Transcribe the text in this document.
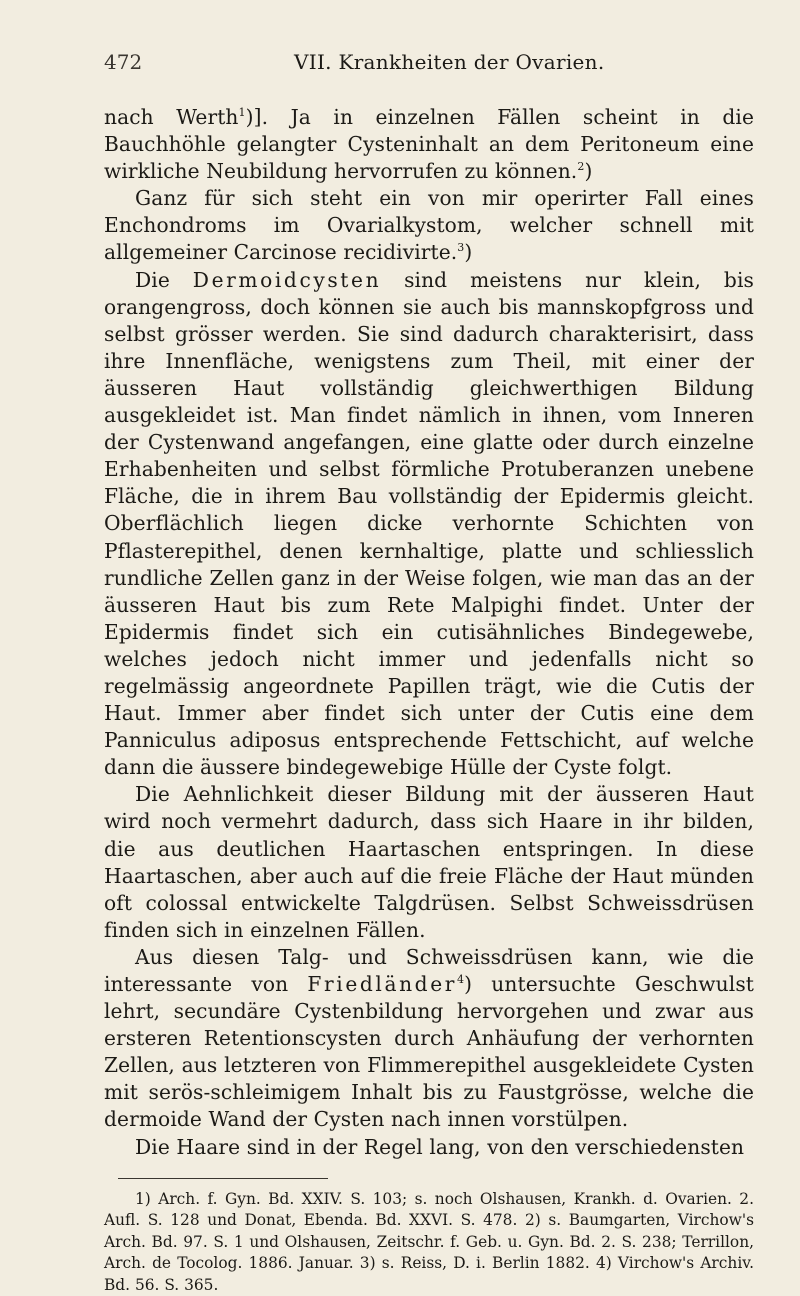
472	VII. Krankheiten der Ovarien.

nach Werth$^1$)]. Ja in einzelnen Fällen scheint in die Bauchhöhle gelangter Cysteninhalt an dem Peritoneum eine wirkliche Neubildung hervorrufen zu können.$^2$)

Ganz für sich steht ein von mir operirter Fall eines Enchondroms im Ovarialkystom, welcher schnell mit allgemeiner Carcinose recidivirte.$^3$)

Die Dermoidcysten sind meistens nur klein, bis orangengross, doch können sie auch bis mannskopfgross und selbst grösser werden. Sie sind dadurch charakterisirt, dass ihre Innenfläche, wenigstens zum Theil, mit einer der äusseren Haut vollständig gleichwerthigen Bildung ausgekleidet ist. Man findet nämlich in ihnen, vom Inneren der Cystenwand angefangen, eine glatte oder durch einzelne Erhabenheiten und selbst förmliche Protuberanzen unebene Fläche, die in ihrem Bau vollständig der Epidermis gleicht. Oberflächlich liegen dicke verhornte Schichten von Pflasterepithel, denen kernhaltige, platte und schliesslich rundliche Zellen ganz in der Weise folgen, wie man das an der äusseren Haut bis zum Rete Malpighi findet. Unter der Epidermis findet sich ein cutisähnliches Bindegewebe, welches jedoch nicht immer und jedenfalls nicht so regelmässig angeordnete Papillen trägt, wie die Cutis der Haut. Immer aber findet sich unter der Cutis eine dem Panniculus adiposus entsprechende Fettschicht, auf welche dann die äussere bindegewebige Hülle der Cyste folgt.

Die Aehnlichkeit dieser Bildung mit der äusseren Haut wird noch vermehrt dadurch, dass sich Haare in ihr bilden, die aus deutlichen Haartaschen entspringen. In diese Haartaschen, aber auch auf die freie Fläche der Haut münden oft colossal entwickelte Talgdrüsen. Selbst Schweissdrüsen finden sich in einzelnen Fällen.

Aus diesen Talg- und Schweissdrüsen kann, wie die interessante von Friedländer$^4$) untersuchte Geschwulst lehrt, secundäre Cystenbildung hervorgehen und zwar aus ersteren Retentionscysten durch Anhäufung der verhornten Zellen, aus letzteren von Flimmerepithel ausgekleidete Cysten mit serös-schleimigem Inhalt bis zu Faustgrösse, welche die dermoide Wand der Cysten nach innen vorstülpen.

Die Haare sind in der Regel lang, von den verschiedensten

1) Arch. f. Gyn. Bd. XXIV. S. 103; s. noch Olshausen, Krankh. d. Ovarien. 2. Aufl. S. 128 und Donat, Ebenda. Bd. XXVI. S. 478. 2) s. Baumgarten, Virchow's Arch. Bd. 97. S. 1 und Olshausen, Zeitschr. f. Geb. u. Gyn. Bd. 2. S. 238; Terrillon, Arch. de Tocolog. 1886. Januar. 3) s. Reiss, D. i. Berlin 1882. 4) Virchow's Archiv. Bd. 56. S. 365.
